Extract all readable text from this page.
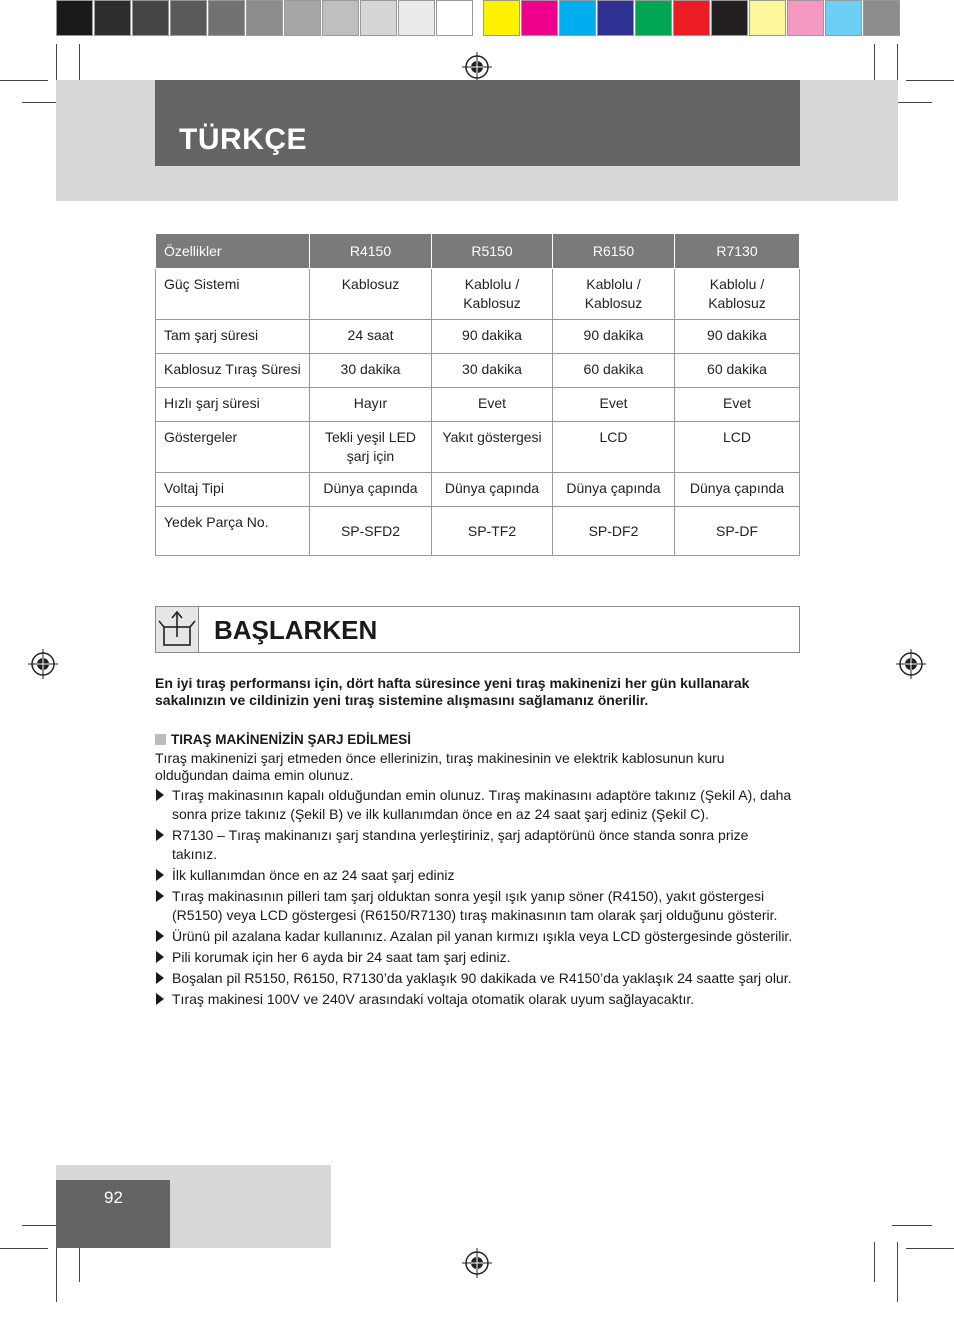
TÜRKÇE
Özellikler	R4150	R5150	R6150	R7130
Güç Sistemi	Kablosuz	Kablolu / Kablosuz	Kablolu / Kablosuz	Kablolu / Kablosuz
Tam şarj süresi	24 saat	90 dakika	90 dakika	90 dakika
Kablosuz Tıraş Süresi	30 dakika	30 dakika	60 dakika	60 dakika
Hızlı şarj süresi	Hayır	Evet	Evet	Evet
Göstergeler	Tekli yeşil LED şarj için	Yakıt göstergesi	LCD	LCD
Voltaj Tipi	Dünya çapında	Dünya çapında	Dünya çapında	Dünya çapında
Yedek Parça No.	SP-SFD2	SP-TF2	SP-DF2	SP-DF
BAŞLARKEN
En iyi tıraş performansı için, dört hafta süresince yeni tıraş makinenizi her gün kullanarak sakalınızın ve cildinizin yeni tıraş sistemine alışmasını sağlamanız önerilir.
TIRAŞ MAKİNENİZİN ŞARJ EDİLMESİ
Tıraş makinenizi şarj etmeden önce ellerinizin, tıraş makinesinin ve elektrik kablosunun kuru olduğundan daima emin olunuz.
Tıraş makinasının kapalı olduğundan emin olunuz. Tıraş makinasını adaptöre takınız (Şekil A), daha sonra prize takınız (Şekil B) ve ilk kullanımdan önce en az 24 saat şarj ediniz (Şekil C).
R7130 – Tıraş makinanızı şarj standına yerleştiriniz, şarj adaptörünü önce standa sonra prize takınız.
İlk kullanımdan önce en az 24 saat şarj ediniz
Tıraş makinasının pilleri tam şarj olduktan sonra yeşil ışık yanıp söner (R4150), yakıt göstergesi (R5150) veya LCD göstergesi (R6150/R7130) tıraş makinasının tam olarak şarj olduğunu gösterir.
Ürünü pil azalana kadar kullanınız. Azalan pil yanan kırmızı ışıkla veya LCD göstergesinde gösterilir.
Pili korumak için her 6 ayda bir 24 saat tam şarj ediniz.
Boşalan pil R5150, R6150, R7130’da yaklaşık 90 dakikada ve R4150’da yaklaşık 24 saatte şarj olur.
Tıraş makinesi 100V ve 240V arasındaki voltaja otomatik olarak uyum sağlayacaktır.
92
